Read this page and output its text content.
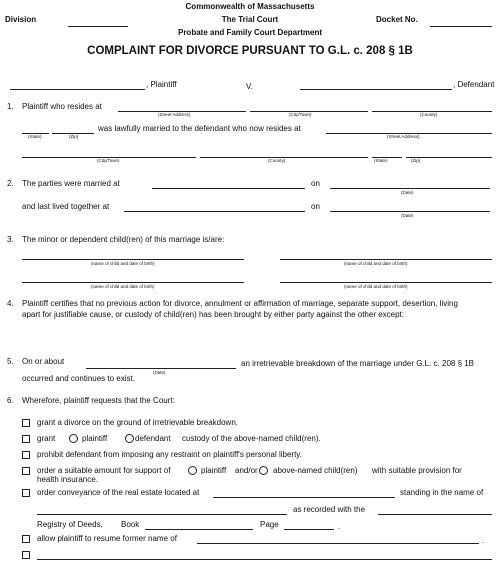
Division
Commonwealth of Massachusetts
The Trial Court
Probate and Family Court Department
Docket No.
COMPLAINT FOR DIVORCE PURSUANT TO G.L. c. 208 § 1B
, Plaintiff	V.	, Defendant
1. Plaintiff who resides at
(Street Address)	(City/Town)	(County)
(State)	(Zip)
was lawfully married to the defendant who now resides at
(Street Address)
(City/Town)	(County)	(State)	(Zip)
2. The parties were married at	on
(Date)
and last lived together at	on
(Date)
3. The minor or dependent child(ren) of this marriage is/are:
(name of child and date of birth)	(name of child and date of birth)
(name of child and date of birth)	(name of child and date of birth)
4. Plaintiff certifies that no previous action for divorce, annulment or affirmation of marriage, separate support, desertion, living
apart for justifiable cause, or custody of child(ren) has been brought by either party against the other except:
5. On or about
(Date)
an irretrievable breakdown of the marriage under G.L. c. 208 § 1B
occurred and continues to exist.
6. Wherefore, plaintiff requests that the Court:
grant a divorce on the ground of irretrievable breakdown.
grant	plaintiff	defendant custody of the above-named child(ren).
prohibit defendant from imposing any restraint on plaintiff's personal liberty.
order a suitable amount for support of	plaintiff and/or above-named child(ren) with suitable provision for
health insurance.
order conveyance of the real estate located at	standing in the name of
as recorded with the
Registry of Deeds, Book	Page	.
allow plaintiff to resume former name of	.
